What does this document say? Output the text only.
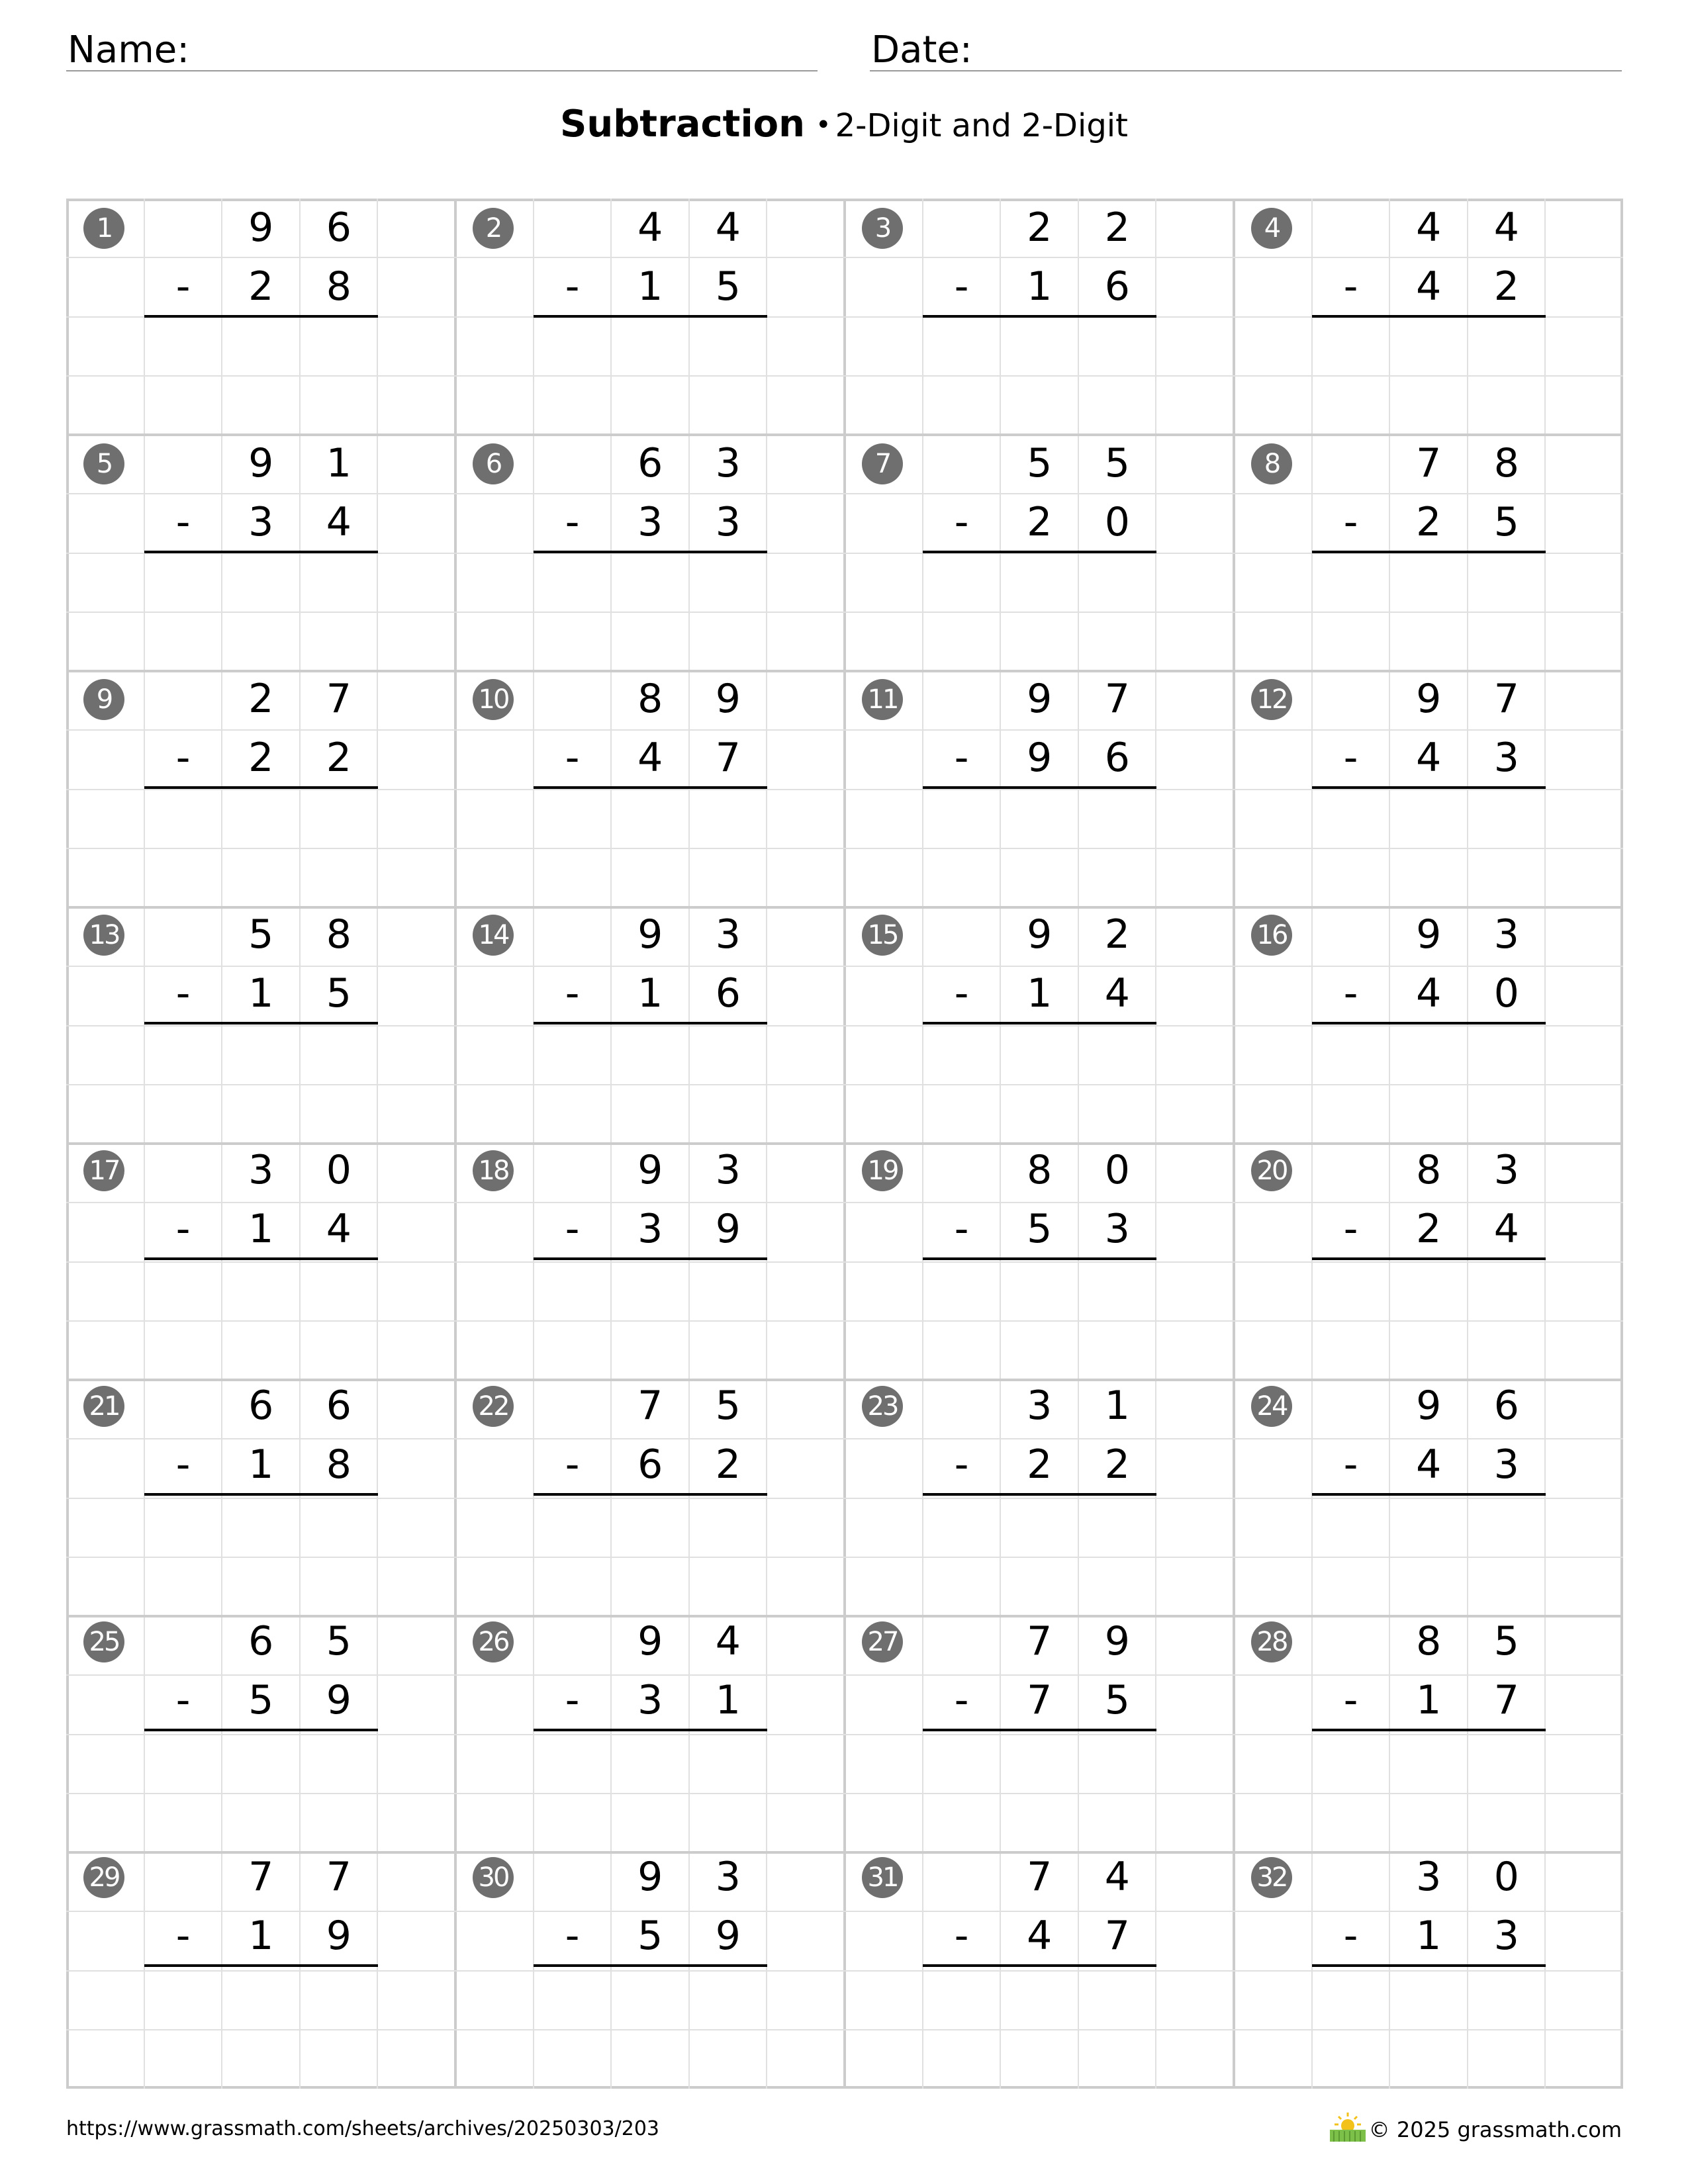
Name:	Date:
Subtraction • 2-Digit and 2-Digit
1	9	6
-	2	8
2	4	4
-	1	5
3	2	2
-	1	6
4	4	4
-	4	2
5	9	1
-	3	4
6	6	3
-	3	3
7	5	5
-	2	0
8	7	8
-	2	5
9	2	7
-	2	2
10	8	9
-	4	7
11	9	7
-	9	6
12	9	7
-	4	3
13	5	8
-	1	5
14	9	3
-	1	6
15	9	2
-	1	4
16	9	3
-	4	0
17	3	0
-	1	4
18	9	3
-	3	9
19	8	0
-	5	3
20	8	3
-	2	4
21	6	6
-	1	8
22	7	5
-	6	2
23	3	1
-	2	2
24	9	6
-	4	3
25	6	5
-	5	9
26	9	4
-	3	1
27	7	9
-	7	5
28	8	5
-	1	7
29	7	7
-	1	9
30	9	3
-	5	9
31	7	4
-	4	7
32	3	0
-	1	3
https://www.grassmath.com/sheets/archives/20250303/203	© 2025 grassmath.com
